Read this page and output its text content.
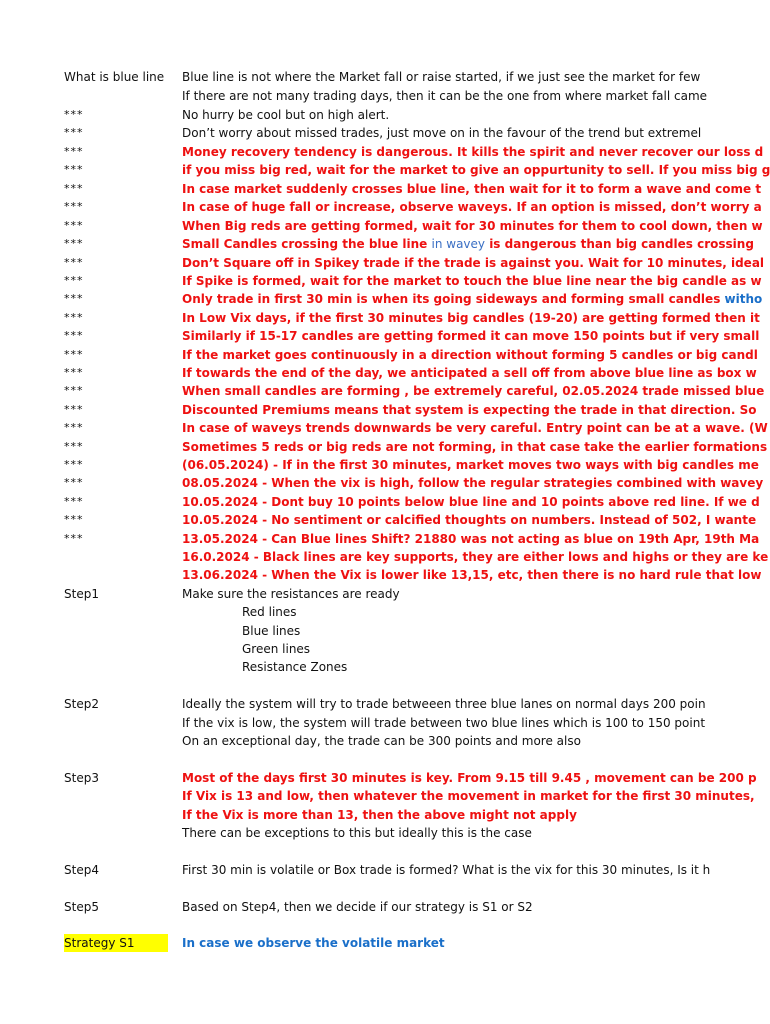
What is blue line	Blue line is not where the Market fall or raise started, if we just see the market for few
If there are not many trading days, then it can be the one from where market fall came
***	No hurry be cool but on high alert.
***	Don’t worry about missed trades, just move on in the favour of the trend but extremel
***	Money recovery tendency is dangerous. It kills the spirit and never recover our loss d
***	if you miss big red, wait for the market to give an oppurtunity to sell. If you miss big g
***	In case market suddenly crosses blue line, then wait for it to form a wave and come t
***	In case of huge fall or increase, observe waveys. If an option is missed, don’t worry a
***	When Big reds are getting formed, wait for 30 minutes for them to cool down, then w
***	Small Candles crossing the blue line in wavey is dangerous than big candles crossing
***	Don’t Square off in Spikey trade if the trade is against you. Wait for 10 minutes, ideal
***	If Spike is formed, wait for the market to touch the blue line near the big candle as w
***	Only trade in first 30 min is when its going sideways and forming small candles witho
***	In Low Vix days, if the first 30 minutes big candles (19-20) are getting formed then it
***	Similarly if 15-17 candles are getting formed it can move 150 points but if very small
***	If the market goes continuously in a direction without forming 5 candles or big candl
***	If towards the end of the day, we anticipated a sell off from above blue line as box w
***	When small candles are forming , be extremely careful, 02.05.2024 trade missed blue
***	Discounted Premiums means that system is expecting the trade in that direction. So
***	In case of waveys trends downwards be very careful. Entry point can be at a wave. (W
***	Sometimes 5 reds or big reds are not forming, in that case take the earlier formations
***	(06.05.2024) - If in the first 30 minutes, market moves two ways with big candles me
***	08.05.2024 - When the vix is high, follow the regular strategies combined with wavey
***	10.05.2024 - Dont buy 10 points below blue line and 10 points above red line. If we d
***	10.05.2024 - No sentiment or calcified thoughts on numbers. Instead of 502, I wante
***	13.05.2024 - Can Blue lines Shift? 21880 was not acting as blue on 19th Apr, 19th Ma
16.0.2024 - Black lines are key supports, they are either lows and highs or they are ke
13.06.2024 - When the Vix is lower like 13,15, etc, then there is no hard rule that low
Step1	Make sure the resistances are ready
Red lines
Blue lines
Green lines
Resistance Zones
Step2	Ideally the system will try to trade betweeen three blue lanes on normal days 200 poin
If the vix is low, the system will trade between two blue lines which is 100 to 150 point
On an exceptional day, the trade can be 300 points and more also
Step3	Most of the days first 30 minutes is key. From 9.15 till 9.45 , movement can be 200 p
If Vix is 13 and low, then whatever the movement in market for the first 30 minutes,
If the Vix is more than 13, then the above might not apply
There can be exceptions to this but ideally this is the case
Step4	First 30 min is volatile or Box trade is formed? What is the vix for this 30 minutes, Is it h
Step5	Based on Step4, then we decide if our strategy is S1 or S2
Strategy S1	In case we observe the volatile market
